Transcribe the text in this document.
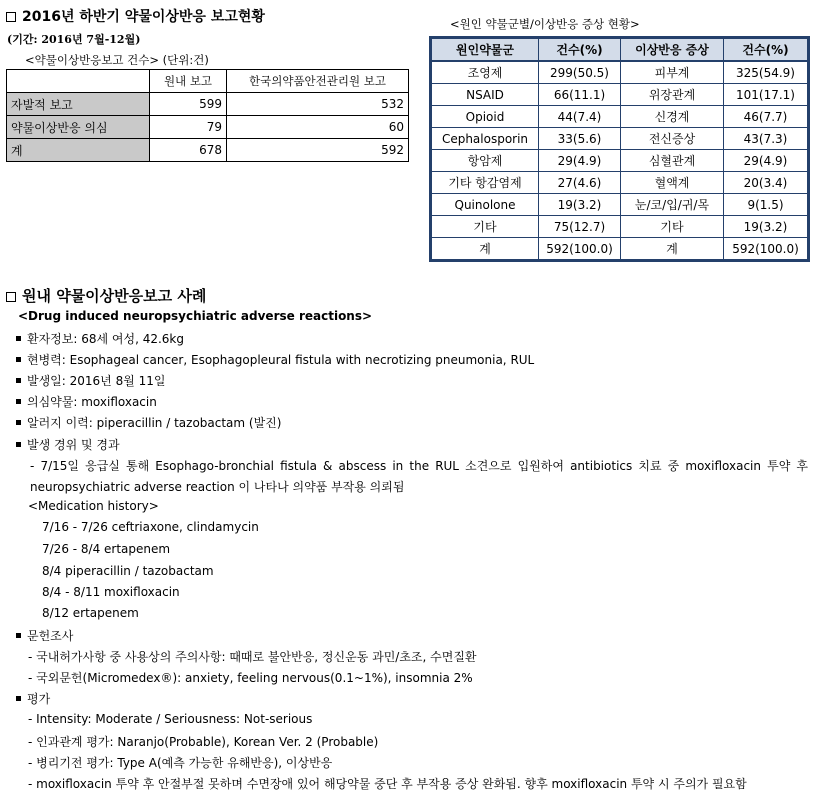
2016년 하반기 약물이상반응 보고현황
(기간: 2016년 7월-12월)
<약물이상반응보고 건수> (단위:건)
	원내 보고	한국의약품안전관리원 보고
자발적 보고	599	532
약물이상반응 의심	79	60
계	678	592
<원인 약물군별/이상반응 증상 현황>
원인약물군	건수(%)	이상반응 증상	건수(%)
조영제	299(50.5)	피부계	325(54.9)
NSAID	66(11.1)	위장관계	101(17.1)
Opioid	44(7.4)	신경계	46(7.7)
Cephalosporin	33(5.6)	전신증상	43(7.3)
항암제	29(4.9)	심혈관계	29(4.9)
기타 항감염제	27(4.6)	혈액계	20(3.4)
Quinolone	19(3.2)	눈/코/입/귀/목	9(1.5)
기타	75(12.7)	기타	19(3.2)
계	592(100.0)	계	592(100.0)
원내 약물이상반응보고 사례
<Drug induced neuropsychiatric adverse reactions>
환자정보: 68세 여성, 42.6kg
현병력: Esophageal cancer, Esophagopleural fistula with necrotizing pneumonia, RUL
발생일: 2016년 8월 11일
의심약물: moxifloxacin
알러지 이력: piperacillin / tazobactam (발진)
발생 경위 및 경과
- 7/15일 응급실 통해 Esophago-bronchial fistula & abscess in the RUL 소견으로 입원하여 antibiotics 치료 중 moxifloxacin 투약 후 neuropsychiatric adverse reaction 이 나타나 의약품 부작용 의뢰됨
<Medication history>
7/16 - 7/26 ceftriaxone, clindamycin
7/26 - 8/4 ertapenem
8/4 piperacillin / tazobactam
8/4 - 8/11 moxifloxacin
8/12 ertapenem
문헌조사
- 국내허가사항 중 사용상의 주의사항: 때때로 불안반응, 정신운동 과민/초조, 수면질환
- 국외문헌(Micromedex®): anxiety, feeling nervous(0.1~1%), insomnia 2%
평가
- Intensity: Moderate / Seriousness: Not-serious
- 인과관계 평가: Naranjo(Probable), Korean Ver. 2 (Probable)
- 병리기전 평가: Type A(예측 가능한 유해반응), 이상반응
- moxifloxacin 투약 후 안절부절 못하며 수면장애 있어 해당약물 중단 후 부작용 증상 완화됨. 향후 moxifloxacin 투약 시 주의가 필요함
